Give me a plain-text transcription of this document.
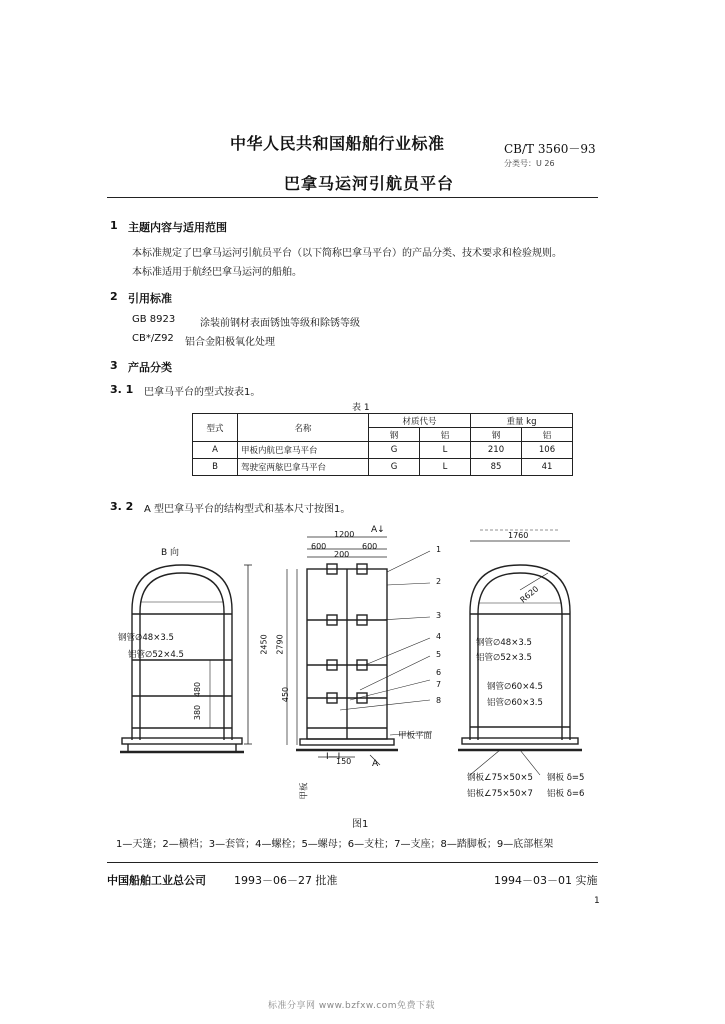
中华人民共和国船舶行业标准	CB/T 3560－93
分类号：U 26
巴拿马运河引航员平台
1 主题内容与适用范围
本标准规定了巴拿马运河引航员平台（以下简称巴拿马平台）的产品分类、技术要求和检验规则。
本标准适用于航经巴拿马运河的船舶。
2 引用标准
GB 8923 涂装前钢材表面锈蚀等级和除锈等级
CB*/Z92 铝合金阳极氧化处理
3 产品分类
3. 1 巴拿马平台的型式按表1。
表 1
型式	名称	材质代号		重量 kg	
		钢	铝	钢	铝
A	甲板内航巴拿马平台	G	L	210	106
B	驾驶室两舷巴拿马平台	G	L	85	41
3. 2 A 型巴拿马平台的结构型式和基本尺寸按图1。
B 向
A↓
A
I—I
1200
600	600
200
1760
2450 2790
480
380
450
R620
150
钢管∅48×3.5
铝管∅52×4.5
钢管∅48×3.5
铝管∅52×3.5
钢管∅60×4.5
铝管∅60×3.5
甲板平面
甲板
钢板∠75×50×5 钢板 δ=5
铝板∠75×50×7 铝板 δ=6
1
2
3
4
5
6
7
8
图1
1—天篷；2—横档；3—套管；4—螺栓；5—螺母；6—支柱；7—支座；8—踏脚板；9—底部框架
中国船舶工业总公司	1993－06－27 批准	1994－03－01 实施
1
标准分享网 www.bzfxw.com免费下载
